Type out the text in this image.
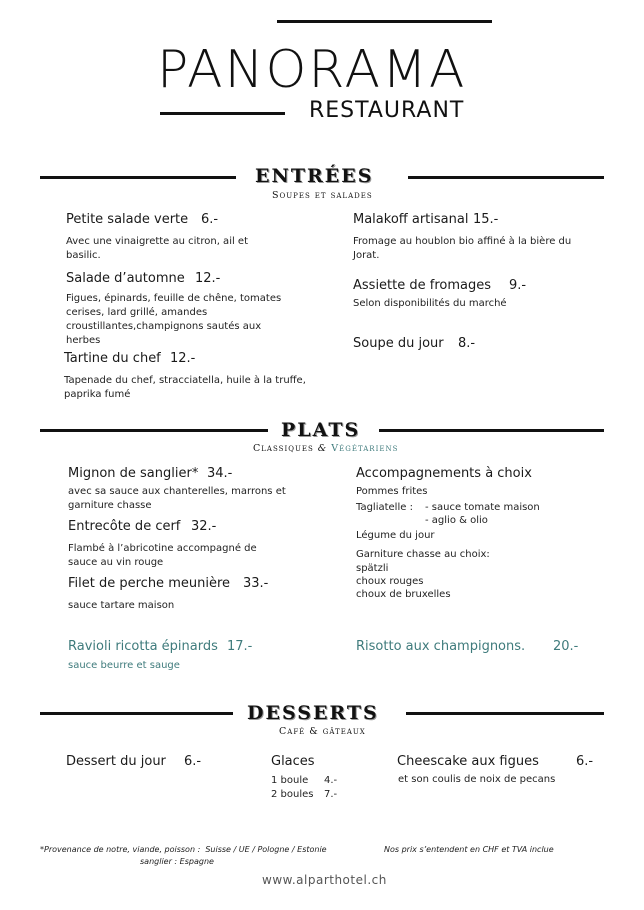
PANORAMA
RESTAURANT
ENTRÉES
Soupes et salades
Petite salade verte 6.-
Avec une vinaigrette au citron, ail et basilic.
Salade d’automne 12.-
Figues, épinards, feuille de chêne, tomates cerises, lard grillé, amandes croustillantes,champignons sautés aux herbes
Tartine du chef 12.-
Tapenade du chef, stracciatella, huile à la truffe, paprika fumé
Malakoff artisanal 15.-
Fromage au houblon bio affiné à la bière du Jorat.
Assiette de fromages 9.-
Selon disponibilités du marché
Soupe du jour 8.-
PLATS
Classiques & Végétariens
Mignon de sanglier* 34.-
avec sa sauce aux chanterelles, marrons et garniture chasse
Entrecôte de cerf 32.-
Flambé à l’abricotine accompagné de sauce au vin rouge
Filet de perche meunière 33.-
sauce tartare maison
Ravioli ricotta épinards 17.-
sauce beurre et sauge
Accompagnements à choix
Pommes frites
Tagliatelle : - sauce tomate maison
- aglio & olio
Légume du jour
Garniture chasse au choix:
spätzli
choux rouges
choux de bruxelles
Risotto aux champignons. 20.-
DESSERTS
Café & gâteaux
Dessert du jour 6.-	Glaces
1 boule 4.-
2 boules 7.-
Cheescake aux figues	6.-
et son coulis de noix de pecans
*Provenance de notre, viande, poisson :  Suisse / UE / Pologne / Estonie
sanglier : Espagne
Nos prix s’entendent en CHF et TVA inclue
www.alparthotel.ch
